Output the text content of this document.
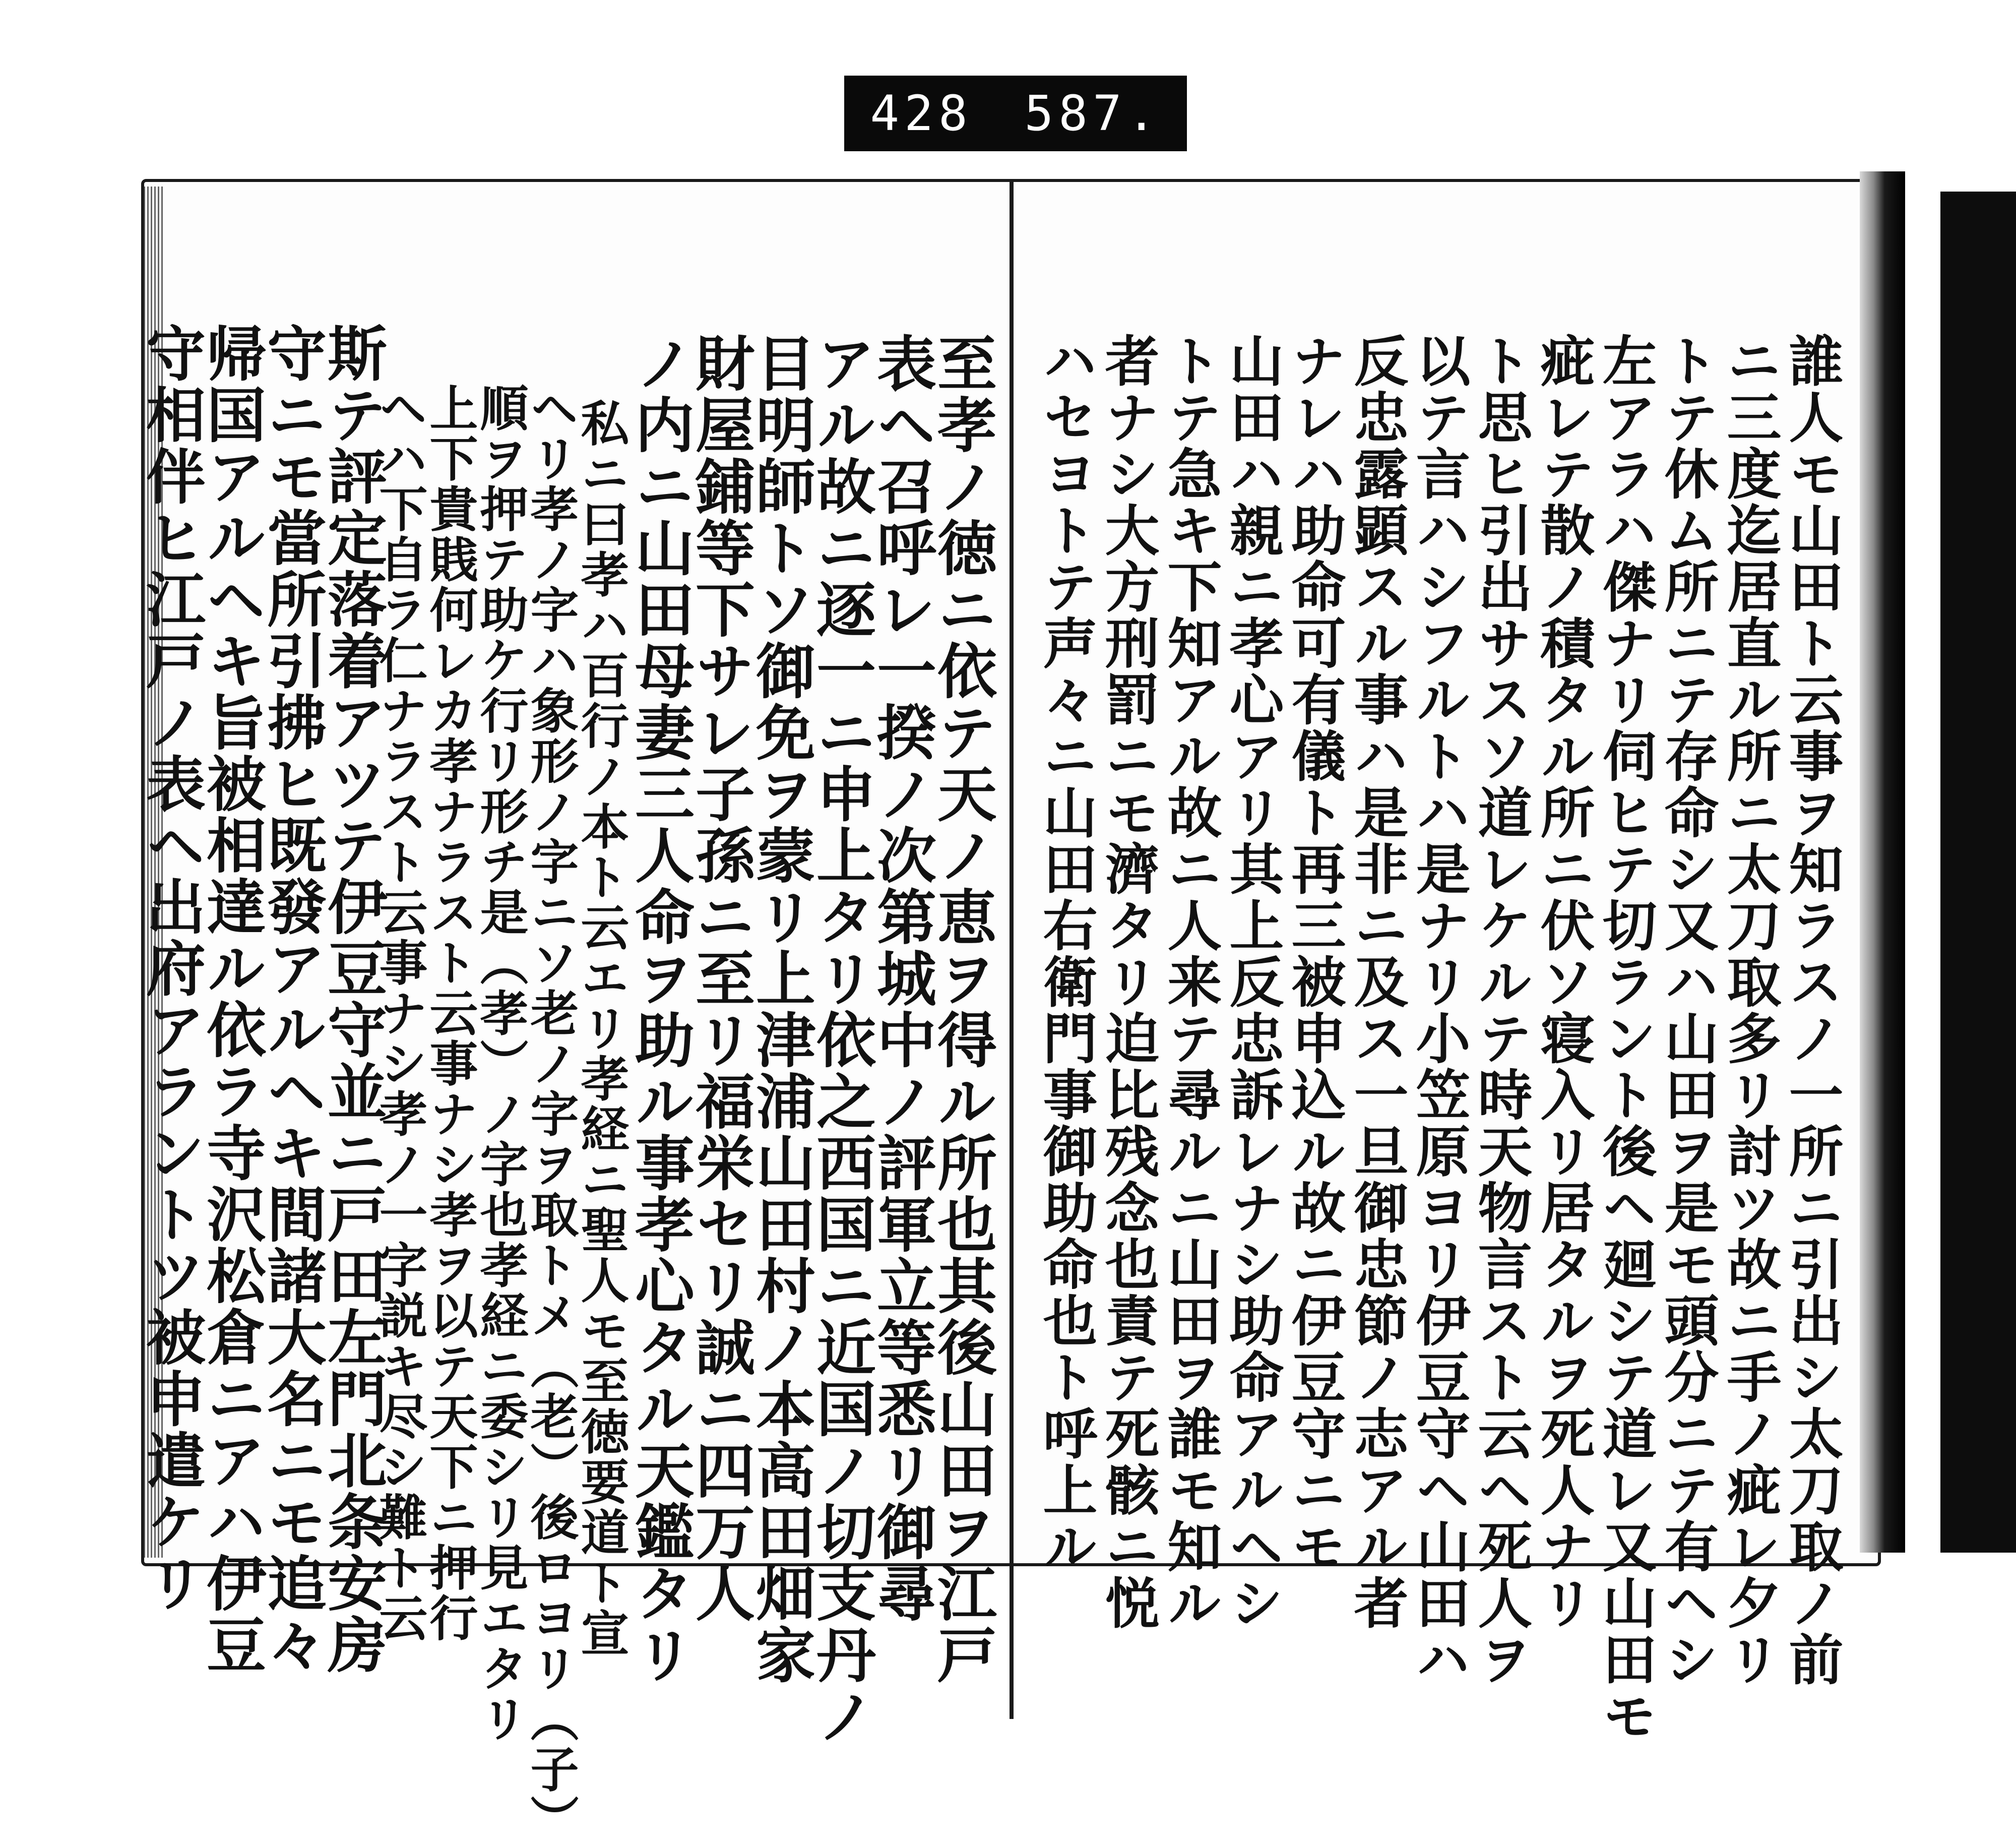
428 587.
誰人モ山田ト云事ヲ知ラスノ一所ニ引出シ太刀取ノ前
ニ三度迄居直ル所ニ太刀取多リ討ツ故ニ手ノ疵レ夕リ
トテ休ム所ニテ存命シ又ハ山田ヲ是モ頭分ニテ有ヘシ
左アラハ傑ナリ伺ヒテ切ラント後ヘ廻シテ道レ又山田モ
疵レテ散ノ積タル所ニ伏ソ寝入リ居タルヲ死人ナリ
ト思ヒ引出サスソ道レケルテ時天物言スト云ヘ死人ヲ
以テ言ハシフルトハ是ナリ小笠原ヨリ伊豆守ヘ山田ハ
反忠露顕スル事ハ是非ニ及ス一旦御忠節ノ志アル者
ナレハ助命可有儀ト再三被申込ル故ニ伊豆守ニモ
山田ハ親ニ孝心アリ其上反忠訴レナシ助命アルヘシ
トテ急キ下知アル故ニ人来テ尋ルニ山田ヲ誰モ知ル
者ナシ大方刑罰ニモ濟タリ迫比残念也責テ死骸ニ悦
ハセヨトテ声々ニ山田右衛門事御助命也ト呼上ル
至孝ノ徳ニ依テ天ノ恵ヲ得ル所也其後山田ヲ江戸
表ヘ召呼レ一揆ノ次第城中ノ評軍立等悉リ御尋
アル故ニ逐一ニ申上タリ依之西国ニ近国ノ切支丹ノ
目明師トソ御免ヲ蒙リ上津浦山田村ノ本高田畑家
財屋鋪等下サレ子孫ニ至リ福栄セリ誠ニ四万人
ノ内ニ山田母妻三人命ヲ助ル事孝心タル天鑑タリ
私ニ曰孝ハ百行ノ本ト云エリ孝経ニ聖人モ至徳要道ト宣
ヘリ孝ノ字ハ象形ノ字ニソ老ノ字ヲ取トメ（老）後ロヨリ（子）
順ヲ押テ助ケ行リ形チ是（孝）ノ字也孝経ニ委シリ見エタリ
上下貴賎何レカ孝ナラスト云事ナシ孝ヲ以テ天下ニ押行
ヘハ下自ラ仁ナラスト云事ナシ孝ノ一字説キ尽シ難ト云
斯テ評定落着アツテ伊豆守並ニ戸田左門北条安房
守ニモ當所引拂ヒ既發アルヘキ間諸大名ニモ追々
帰国アルヘキ旨被相達ル依ラ寺沢松倉ニアハ伊豆
守相伴ヒ江戸ノ表ヘ出府アラントツ被申遣ケリ
